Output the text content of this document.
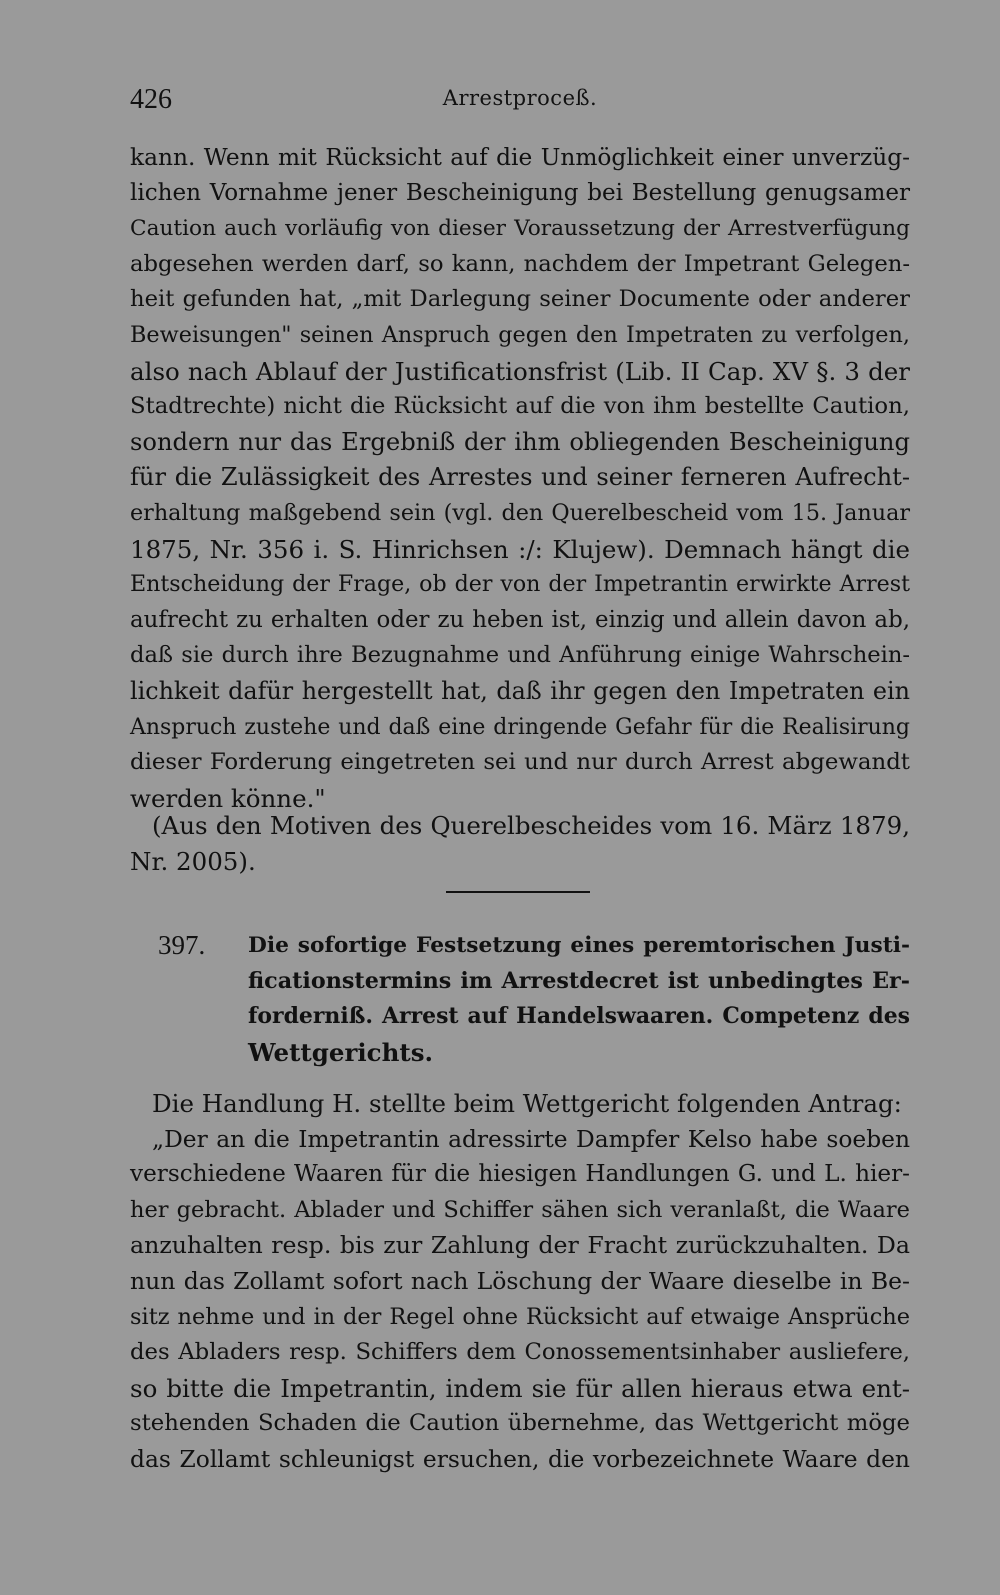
426	Arrestproceß.
kann. Wenn mit Rücksicht auf die Unmöglichkeit einer unverzüg-
lichen Vornahme jener Bescheinigung bei Bestellung genugsamer
Caution auch vorläufig von dieser Voraussetzung der Arrestverfügung
abgesehen werden darf, so kann, nachdem der Impetrant Gelegen-
heit gefunden hat, „mit Darlegung seiner Documente oder anderer
Beweisungen" seinen Anspruch gegen den Impetraten zu verfolgen,
also nach Ablauf der Justificationsfrist (Lib. II Cap. XV §. 3 der
Stadtrechte) nicht die Rücksicht auf die von ihm bestellte Caution,
sondern nur das Ergebniß der ihm obliegenden Bescheinigung
für die Zulässigkeit des Arrestes und seiner ferneren Aufrecht-
erhaltung maßgebend sein (vgl. den Querelbescheid vom 15. Januar
1875, Nr. 356 i. S. Hinrichsen :/: Klujew). Demnach hängt die
Entscheidung der Frage, ob der von der Impetrantin erwirkte Arrest
aufrecht zu erhalten oder zu heben ist, einzig und allein davon ab,
daß sie durch ihre Bezugnahme und Anführung einige Wahrschein-
lichkeit dafür hergestellt hat, daß ihr gegen den Impetraten ein
Anspruch zustehe und daß eine dringende Gefahr für die Realisirung
dieser Forderung eingetreten sei und nur durch Arrest abgewandt
werden könne."
(Aus den Motiven des Querelbescheides vom 16. März 1879,
Nr. 2005).
397. Die sofortige Festsetzung eines peremtorischen Justi-
ficationstermins im Arrestdecret ist unbedingtes Er-
forderniß. Arrest auf Handelswaaren. Competenz des
Wettgerichts.
Die Handlung H. stellte beim Wettgericht folgenden Antrag:
„Der an die Impetrantin adressirte Dampfer Kelso habe soeben
verschiedene Waaren für die hiesigen Handlungen G. und L. hier-
her gebracht. Ablader und Schiffer sähen sich veranlaßt, die Waare
anzuhalten resp. bis zur Zahlung der Fracht zurückzuhalten. Da
nun das Zollamt sofort nach Löschung der Waare dieselbe in Be-
sitz nehme und in der Regel ohne Rücksicht auf etwaige Ansprüche
des Abladers resp. Schiffers dem Conossementsinhaber ausliefere,
so bitte die Impetrantin, indem sie für allen hieraus etwa ent-
stehenden Schaden die Caution übernehme, das Wettgericht möge
das Zollamt schleunigst ersuchen, die vorbezeichnete Waare den
